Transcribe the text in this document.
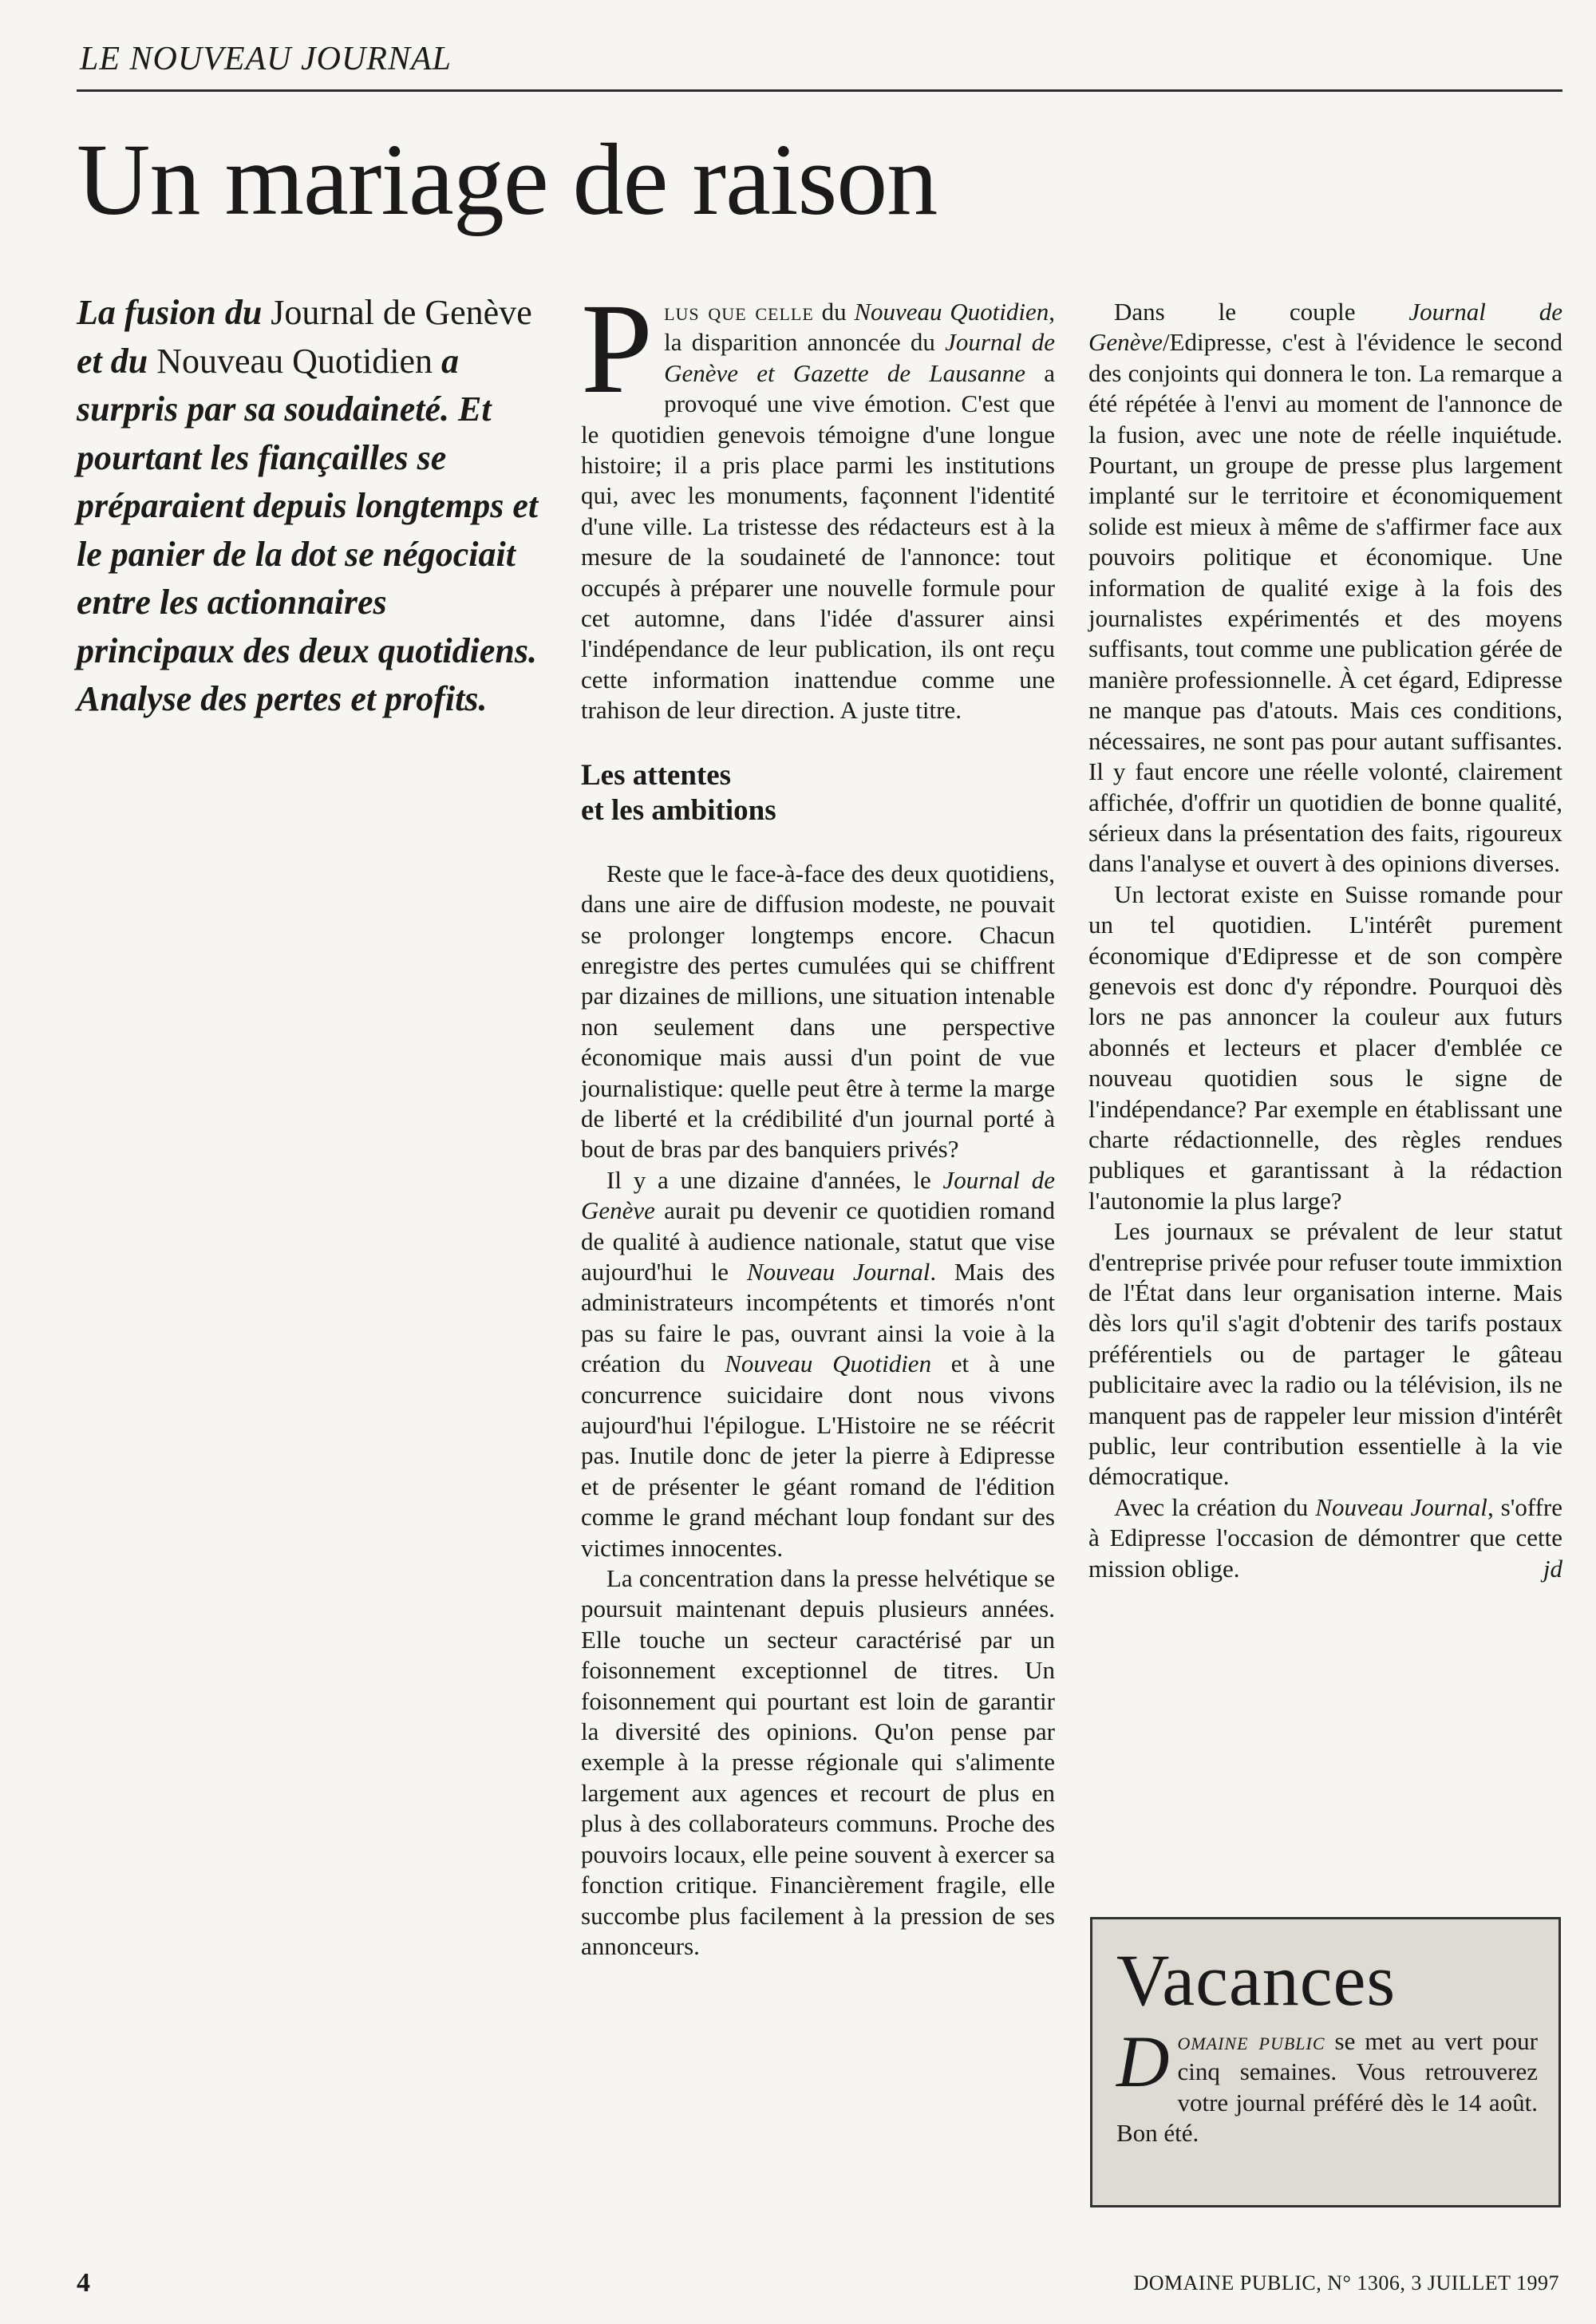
LE NOUVEAU JOURNAL
Un mariage de raison

La fusion du Journal de Genève et du Nouveau Quotidien a surpris par sa soudaineté. Et pourtant les fiançailles se préparaient depuis longtemps et le panier de la dot se négociait entre les actionnaires principaux des deux quotidiens. Analyse des pertes et profits.

Plus que celle du Nouveau Quotidien, la disparition annoncée du Journal de Genève et Gazette de Lausanne a provoqué une vive émotion. C'est que le quotidien genevois témoigne d'une longue histoire; il a pris place parmi les institutions qui, avec les monuments, façonnent l'identité d'une ville. La tristesse des rédacteurs est à la mesure de la soudaineté de l'annonce: tout occupés à préparer une nouvelle formule pour cet automne, dans l'idée d'assurer ainsi l'indépendance de leur publication, ils ont reçu cette information inattendue comme une trahison de leur direction. A juste titre.

Les attentes
et les ambitions

Reste que le face-à-face des deux quotidiens, dans une aire de diffusion modeste, ne pouvait se prolonger longtemps encore. Chacun enregistre des pertes cumulées qui se chiffrent par dizaines de millions, une situation intenable non seulement dans une perspective économique mais aussi d'un point de vue journalistique: quelle peut être à terme la marge de liberté et la crédibilité d'un journal porté à bout de bras par des banquiers privés?

Il y a une dizaine d'années, le Journal de Genève aurait pu devenir ce quotidien romand de qualité à audience nationale, statut que vise aujourd'hui le Nouveau Journal. Mais des administrateurs incompétents et timorés n'ont pas su faire le pas, ouvrant ainsi la voie à la création du Nouveau Quotidien et à une concurrence suicidaire dont nous vivons aujourd'hui l'épilogue. L'Histoire ne se réécrit pas. Inutile donc de jeter la pierre à Edipresse et de présenter le géant romand de l'édition comme le grand méchant loup fondant sur des victimes innocentes.

La concentration dans la presse helvétique se poursuit maintenant depuis plusieurs années. Elle touche un secteur caractérisé par un foisonnement exceptionnel de titres. Un foisonnement qui pourtant est loin de garantir la diversité des opinions. Qu'on pense par exemple à la presse régionale qui s'alimente largement aux agences et recourt de plus en plus à des collaborateurs communs. Proche des pouvoirs locaux, elle peine souvent à exercer sa fonction critique. Financièrement fragile, elle succombe plus facilement à la pression de ses annonceurs.

Dans le couple Journal de Genève/Edipresse, c'est à l'évidence le second des conjoints qui donnera le ton. La remarque a été répétée à l'envi au moment de l'annonce de la fusion, avec une note de réelle inquiétude. Pourtant, un groupe de presse plus largement implanté sur le territoire et économiquement solide est mieux à même de s'affirmer face aux pouvoirs politique et économique. Une information de qualité exige à la fois des journalistes expérimentés et des moyens suffisants, tout comme une publication gérée de manière professionnelle. À cet égard, Edipresse ne manque pas d'atouts. Mais ces conditions, nécessaires, ne sont pas pour autant suffisantes. Il y faut encore une réelle volonté, clairement affichée, d'offrir un quotidien de bonne qualité, sérieux dans la présentation des faits, rigoureux dans l'analyse et ouvert à des opinions diverses.

Un lectorat existe en Suisse romande pour un tel quotidien. L'intérêt purement économique d'Edipresse et de son compère genevois est donc d'y répondre. Pourquoi dès lors ne pas annoncer la couleur aux futurs abonnés et lecteurs et placer d'emblée ce nouveau quotidien sous le signe de l'indépendance? Par exemple en établissant une charte rédactionnelle, des règles rendues publiques et garantissant à la rédaction l'autonomie la plus large?

Les journaux se prévalent de leur statut d'entreprise privée pour refuser toute immixtion de l'État dans leur organisation interne. Mais dès lors qu'il s'agit d'obtenir des tarifs postaux préférentiels ou de partager le gâteau publicitaire avec la radio ou la télévision, ils ne manquent pas de rappeler leur mission d'intérêt public, leur contribution essentielle à la vie démocratique.

Avec la création du Nouveau Journal, s'offre à Edipresse l'occasion de démontrer que cette mission oblige.	jd

Vacances

Domaine public se met au vert pour cinq semaines. Vous retrouverez votre journal préféré dès le 14 août. Bon été.

4	DOMAINE PUBLIC, N° 1306, 3 JUILLET 1997
